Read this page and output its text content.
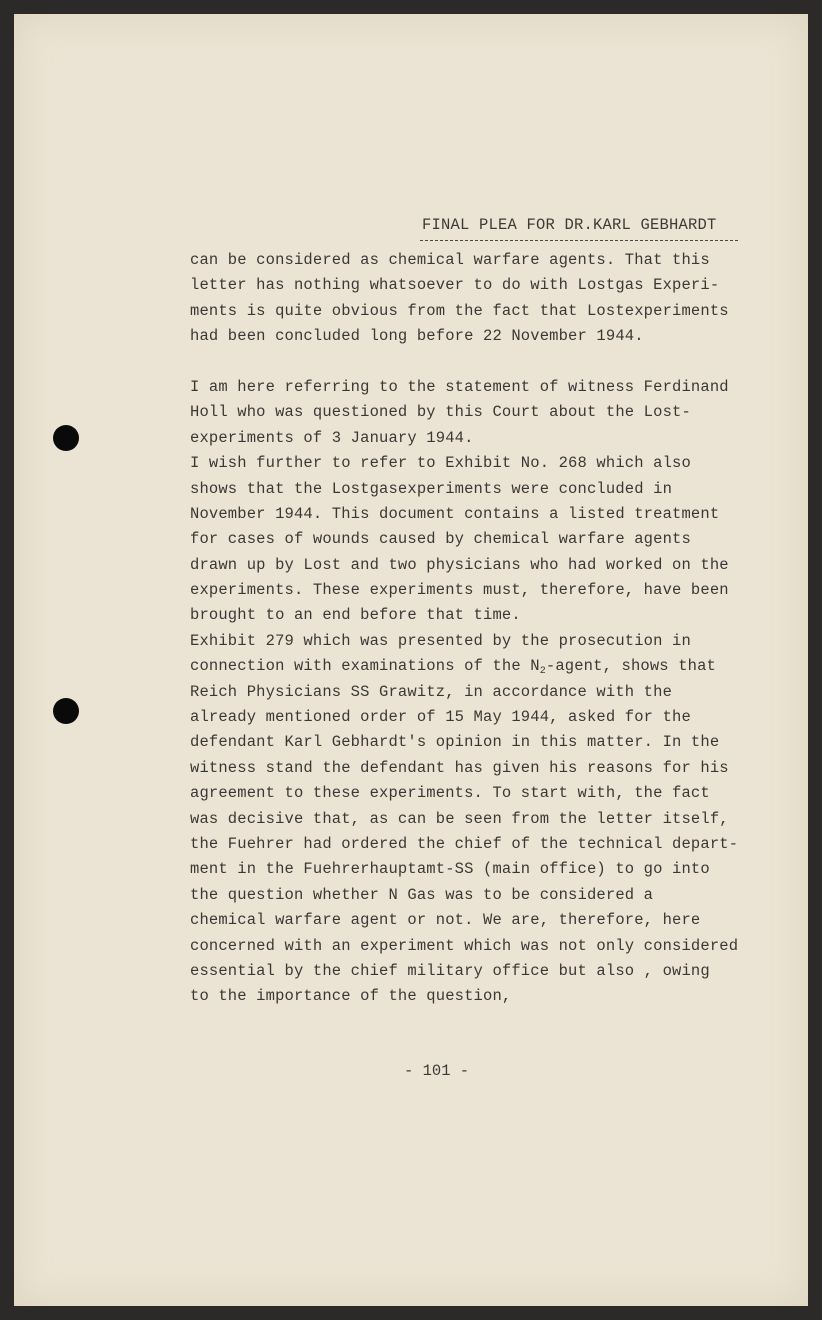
FINAL PLEA FOR DR.KARL GEBHARDT
can be considered as chemical warfare agents. That this
letter has nothing whatsoever to do with Lostgas Experi-
ments is quite obvious from the fact that Lostexperiments
had been concluded long before 22 November 1944.
I am here referring to the statement of witness Ferdinand
Holl who was questioned by this Court about the Lost-
experiments of 3 January 1944.
I wish further to refer to Exhibit No. 268 which also
shows that the Lostgasexperiments were concluded in
November 1944. This document contains a listed treatment
for cases of wounds caused by chemical warfare agents
drawn up by Lost and two physicians who had worked on the
experiments. These experiments must, therefore, have been
brought to an end before that time.
Exhibit 279 which was presented by the prosecution in
connection with examinations of the $N_2$-agent, shows that
Reich Physicians SS Grawitz, in accordance with the
already mentioned order of 15 May 1944, asked for the
defendant Karl Gebhardt's opinion in this matter. In the
witness stand the defendant has given his reasons for his
agreement to these experiments. To start with, the fact
was decisive that, as can be seen from the letter itself,
the Fuehrer had ordered the chief of the technical depart-
ment in the Fuehrerhauptamt-SS (main office) to go into
the question whether N Gas was to be considered a
chemical warfare agent or not. We are, therefore, here
concerned with an experiment which was not only considered
essential by the chief military office but also , owing
to the importance of the question,
- 101 -
